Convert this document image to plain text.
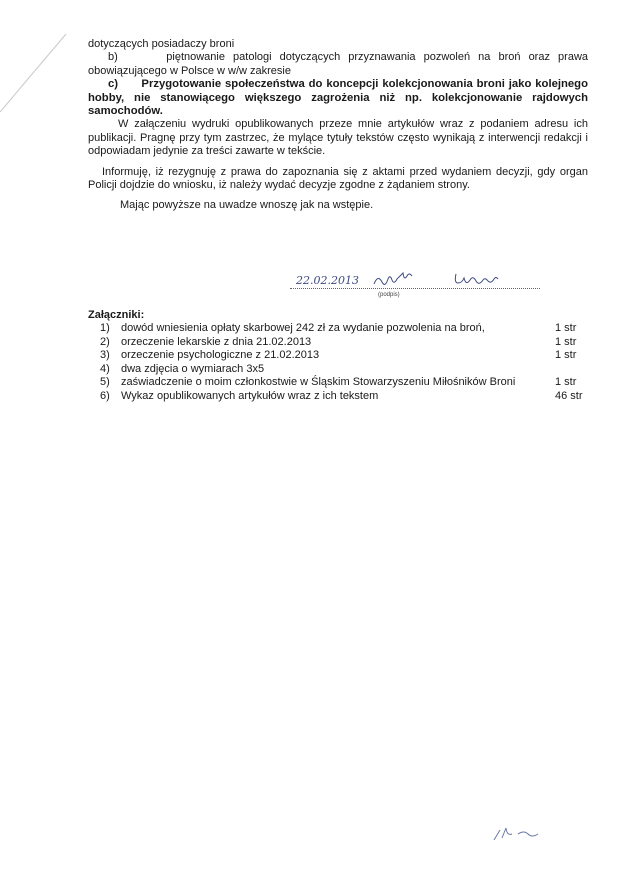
dotyczących posiadaczy broni
b)	piętnowanie patologi dotyczących przyznawania pozwoleń na broń oraz prawa obowiązującego w Polsce w w/w zakresie
c) Przygotowanie społeczeństwa do koncepcji kolekcjonowania broni jako kolejnego hobby, nie stanowiącego większego zagrożenia niż np. kolekcjonowanie rajdowych samochodów.
W załączeniu wydruki opublikowanych przeze mnie artykułów wraz z podaniem adresu ich publikacji. Pragnę przy tym zastrzec, że mylące tytuły tekstów często wynikają z interwencji redakcji i odpowiadam jedynie za treści zawarte w tekście.
Informuję, iż rezygnuję z prawa do zapoznania się z aktami przed wydaniem decyzji, gdy organ Policji dojdzie do wniosku, iż należy wydać decyzje zgodne z żądaniem strony.
Mając powyższe na uwadze wnoszę jak na wstępie.
22.02.2013
(podpis)
Załączniki:
1)	dowód wniesienia opłaty skarbowej 242 zł za wydanie pozwolenia na broń,	1 str
2)	orzeczenie lekarskie z dnia 21.02.2013	1 str
3)	orzeczenie psychologiczne z 21.02.2013	1 str
4)	dwa zdjęcia o wymiarach 3x5
5)	zaświadczenie o moim członkostwie w Śląskim Stowarzyszeniu Miłośników Broni	1 str
6)	Wykaz opublikowanych artykułów wraz z ich tekstem	46 str
